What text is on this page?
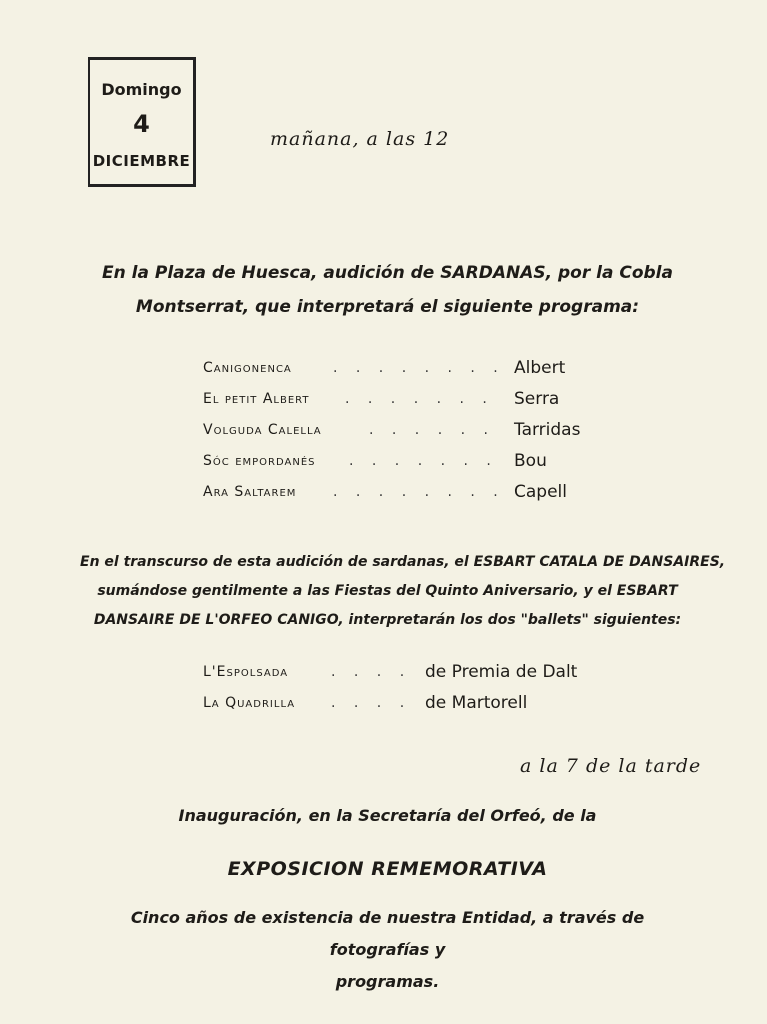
Domingo
4
DICIEMBRE
mañana, a las 12
En la Plaza de Huesca, audición de SARDANAS, por la Cobla
Montserrat, que interpretará el siguiente programa:
Canigonenca	. . . . . . . . Albert
El petit Albert	. . . . . . . Serra
Volguda Calella	. . . . . . Tarridas
Sóc empordanés . . . . . . . Bou
Ara Saltarem	. . . . . . . . Capell
En el transcurso de esta audición de sardanas, el ESBART CATALA DE DANSAIRES,
sumándose gentilmente a las Fiestas del Quinto Aniversario, y el ESBART
DANSAIRE DE L'ORFEO CANIGO, interpretarán los dos "ballets" siguientes:
L'Espolsada	. . . . de Premia de Dalt
La Quadrilla	. . . . de Martorell
a la 7 de la tarde
Inauguración, en la Secretaría del Orfeó, de la
EXPOSICION REMEMORATIVA
Cinco años de existencia de nuestra Entidad, a través de fotografías y
programas.
